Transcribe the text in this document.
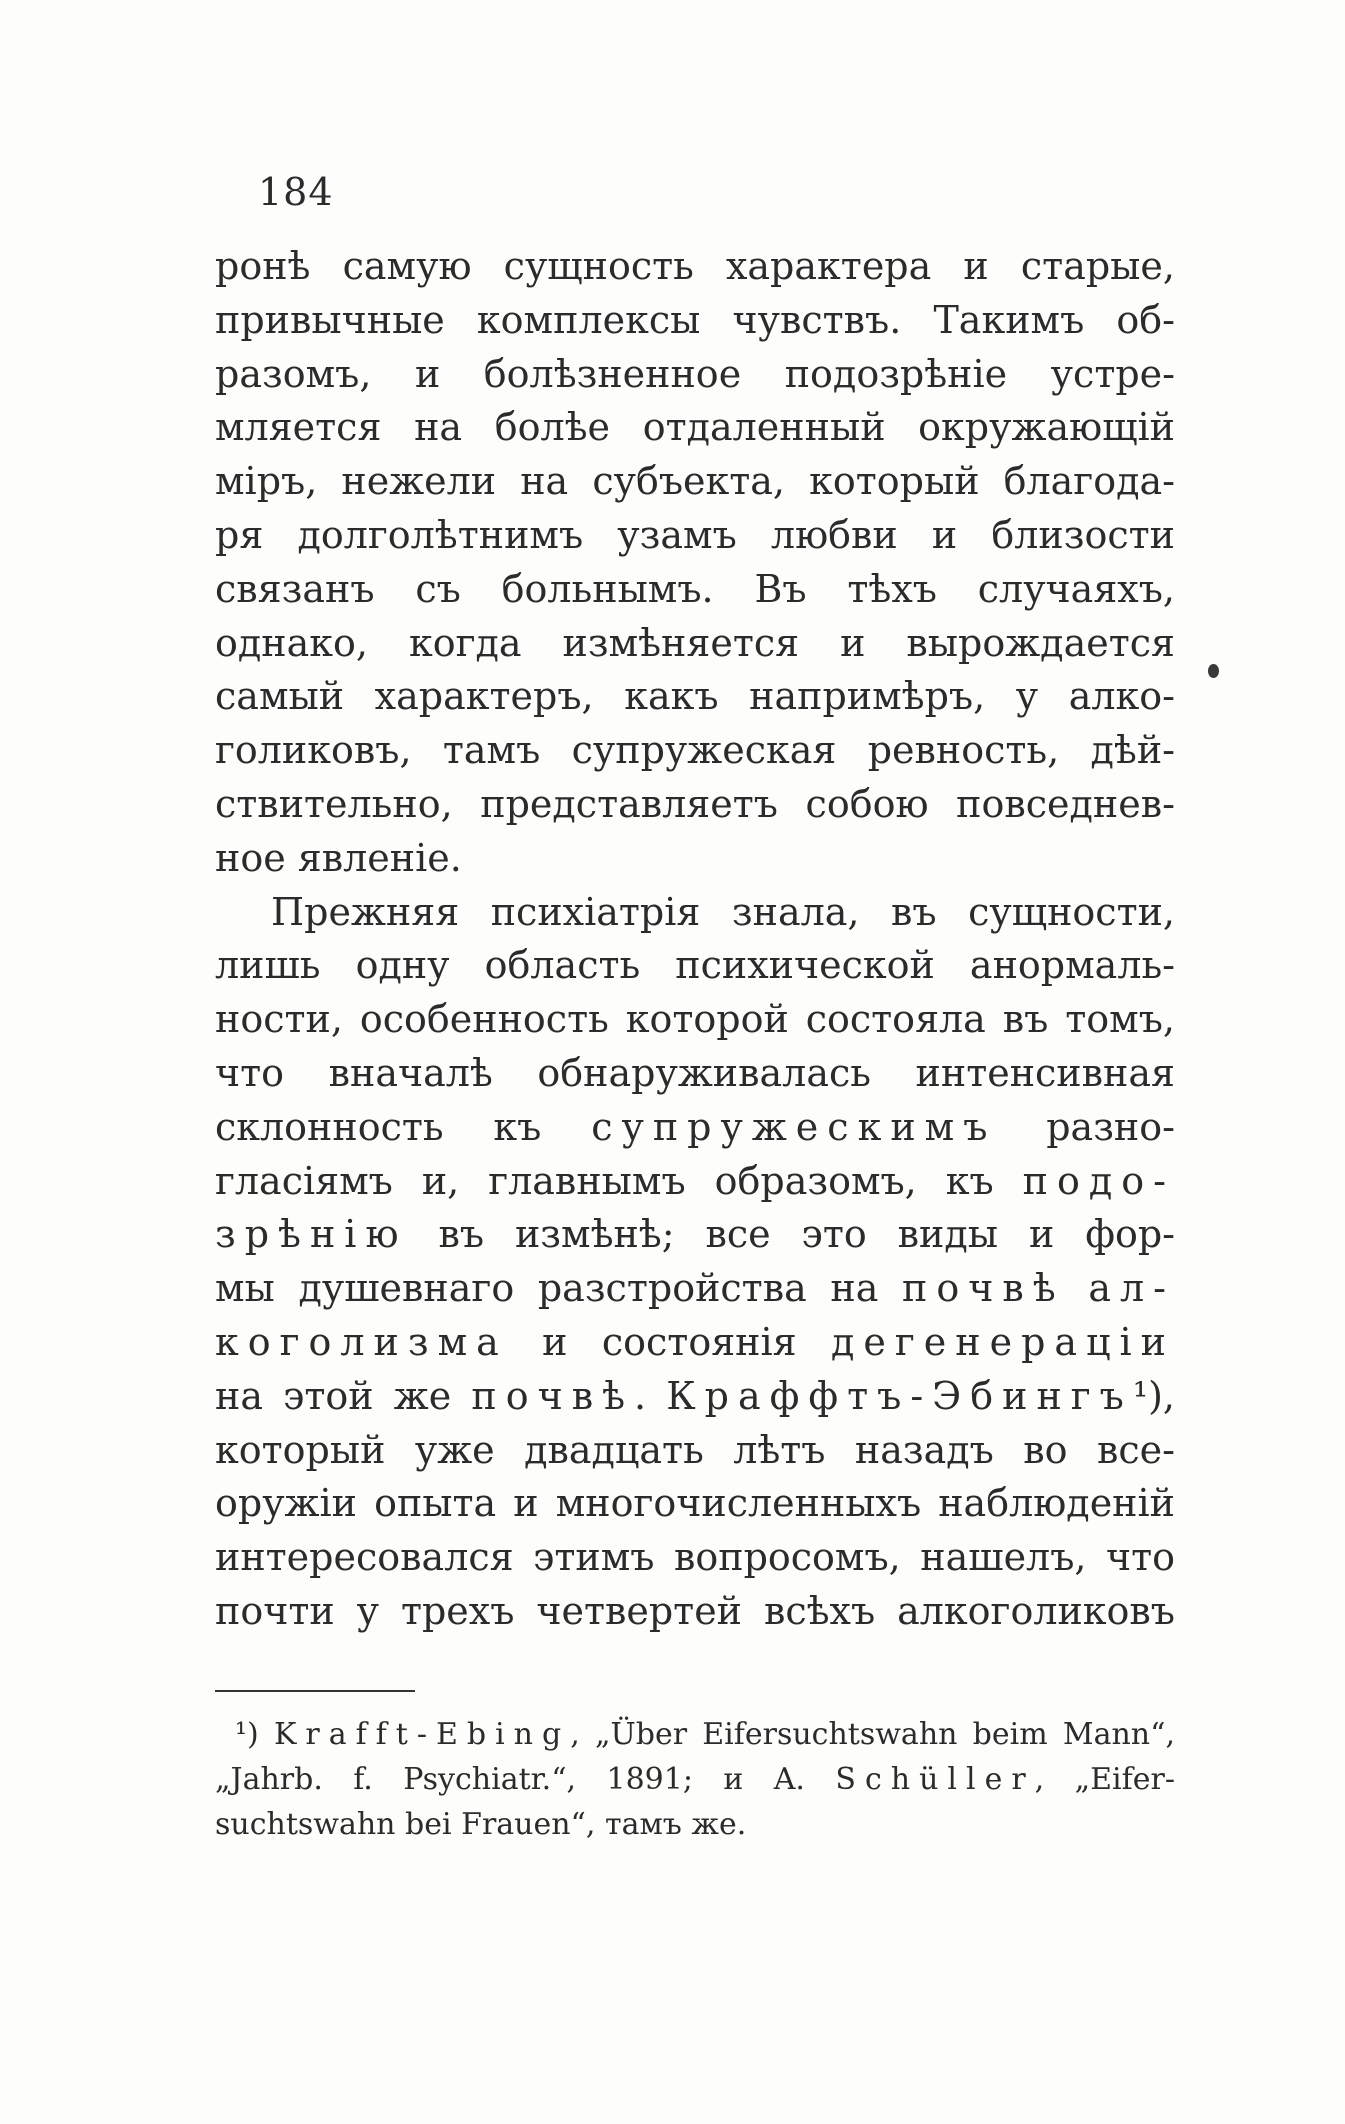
184
ронѣ самую сущность характера и старые,
привычные комплексы чувствъ. Такимъ об-
разомъ, и болѣзненное подозрѣніе устре-
мляется на болѣе отдаленный окружающій
міръ, нежели на субъекта, который благода-
ря долголѣтнимъ узамъ любви и близости
связанъ съ больнымъ. Въ тѣхъ случаяхъ,
однако, когда измѣняется и вырождается
самый характеръ, какъ напримѣръ, у алко-
голиковъ, тамъ супружеская ревность, дѣй-
ствительно, представляетъ собою повседнев-
ное явленіе.
Прежняя психіатрія знала, въ сущности,
лишь одну область психической анормаль-
ности, особенность которой состояла въ томъ,
что вначалѣ обнаруживалась интенсивная
склонность къ супружескимъ разно-
гласіямъ и, главнымъ образомъ, къ подо-
зрѣнію въ измѣнѣ; все это виды и фор-
мы душевнаго разстройства на почвѣ ал-
коголизма и состоянія дегенераціи
на этой же почвѣ. Краффтъ-Эбингъ¹),
который уже двадцать лѣтъ назадъ во все-
оружіи опыта и многочисленныхъ наблюденій
интересовался этимъ вопросомъ, нашелъ, что
почти у трехъ четвертей всѣхъ алкоголиковъ
¹) Krafft-Ebing, „Über Eifersuchtswahn beim Mann“,
„Jahrb. f. Psychiatr.“, 1891; и A. Schüller, „Eifer-
suchtswahn bei Frauen“, тамъ же.
